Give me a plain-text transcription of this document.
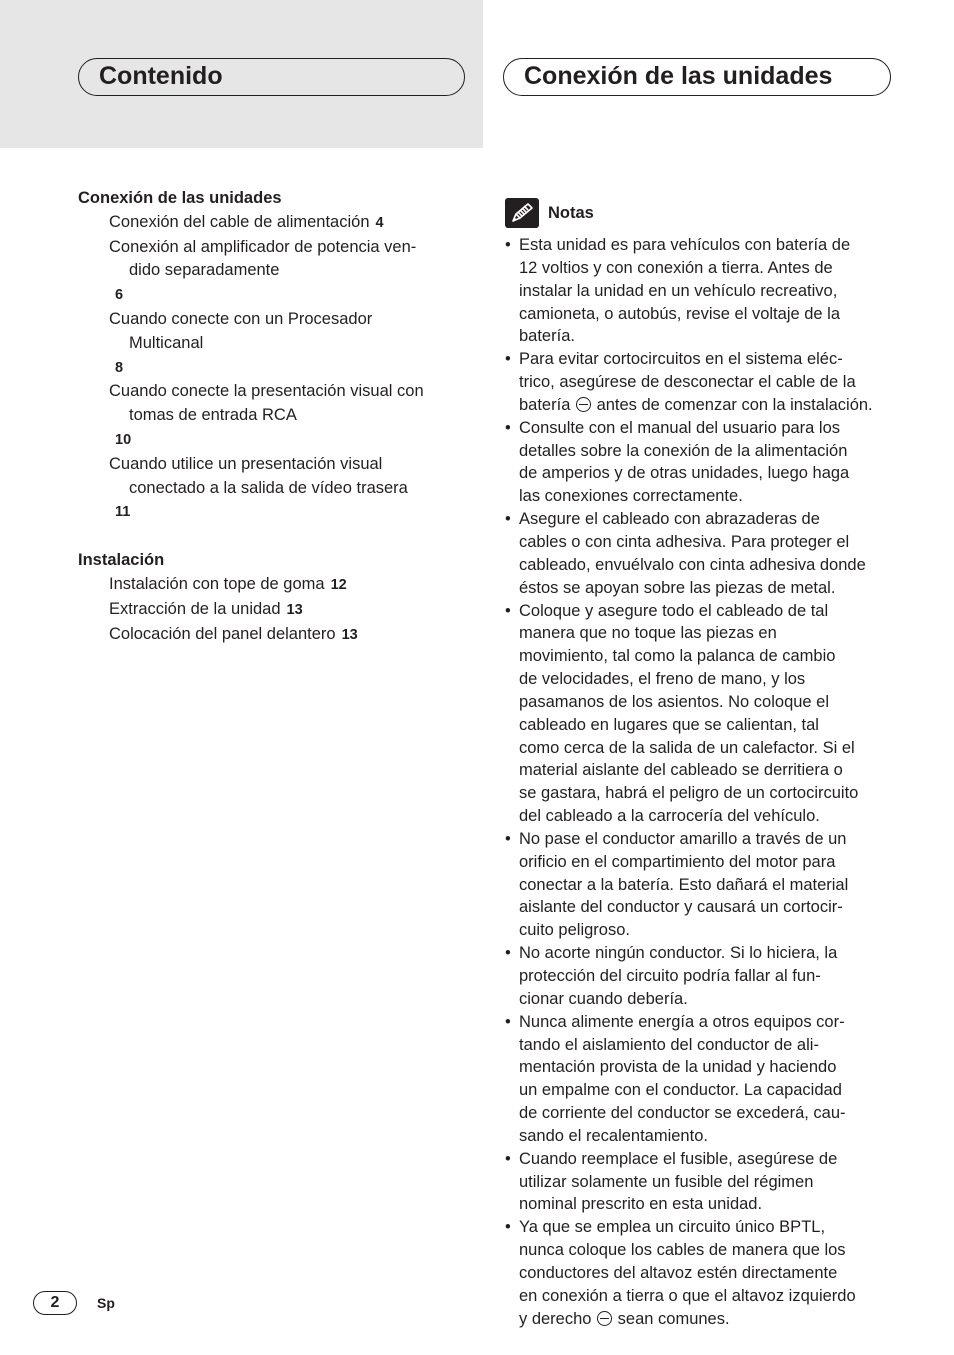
Contenido	Conexión de las unidades
Conexión de las unidades
Conexión del cable de alimentación 4
Conexión al amplificador de potencia ven-

dido separadamente
6
Cuando conecte con un Procesador

Multicanal
8
Cuando conecte la presentación visual con

tomas de entrada RCA
10
Cuando utilice un presentación visual

conectado a la salida de vídeo trasera
11
Instalación
Instalación con tope de goma 12
Extracción de la unidad 13
Colocación del panel delantero 13
Notas
• Esta unidad es para vehículos con batería de
12 voltios y con conexión a tierra. Antes de
instalar la unidad en un vehículo recreativo,
camioneta, o autobús, revise el voltaje de la
batería.
• Para evitar cortocircuitos en el sistema eléc-
trico, asegúrese de desconectar el cable de la
batería antes de comenzar con la instalación.
• Consulte con el manual del usuario para los
detalles sobre la conexión de la alimentación
de amperios y de otras unidades, luego haga
las conexiones correctamente.
• Asegure el cableado con abrazaderas de
cables o con cinta adhesiva. Para proteger el
cableado, envuélvalo con cinta adhesiva donde
éstos se apoyan sobre las piezas de metal.
• Coloque y asegure todo el cableado de tal
manera que no toque las piezas en
movimiento, tal como la palanca de cambio
de velocidades, el freno de mano, y los
pasamanos de los asientos. No coloque el
cableado en lugares que se calientan, tal
como cerca de la salida de un calefactor. Si el
material aislante del cableado se derritiera o
se gastara, habrá el peligro de un cortocircuito
del cableado a la carrocería del vehículo.
• No pase el conductor amarillo a través de un
orificio en el compartimiento del motor para
conectar a la batería. Esto dañará el material
aislante del conductor y causará un cortocir-
cuito peligroso.
• No acorte ningún conductor. Si lo hiciera, la
protección del circuito podría fallar al fun-
cionar cuando debería.
• Nunca alimente energía a otros equipos cor-
tando el aislamiento del conductor de ali-
mentación provista de la unidad y haciendo
un empalme con el conductor. La capacidad
de corriente del conductor se excederá, cau-
sando el recalentamiento.
• Cuando reemplace el fusible, asegúrese de
utilizar solamente un fusible del régimen
nominal prescrito en esta unidad.
• Ya que se emplea un circuito único BPTL,
nunca coloque los cables de manera que los
conductores del altavoz estén directamente
en conexión a tierra o que el altavoz izquierdo
y derecho sean comunes.
2	Sp
